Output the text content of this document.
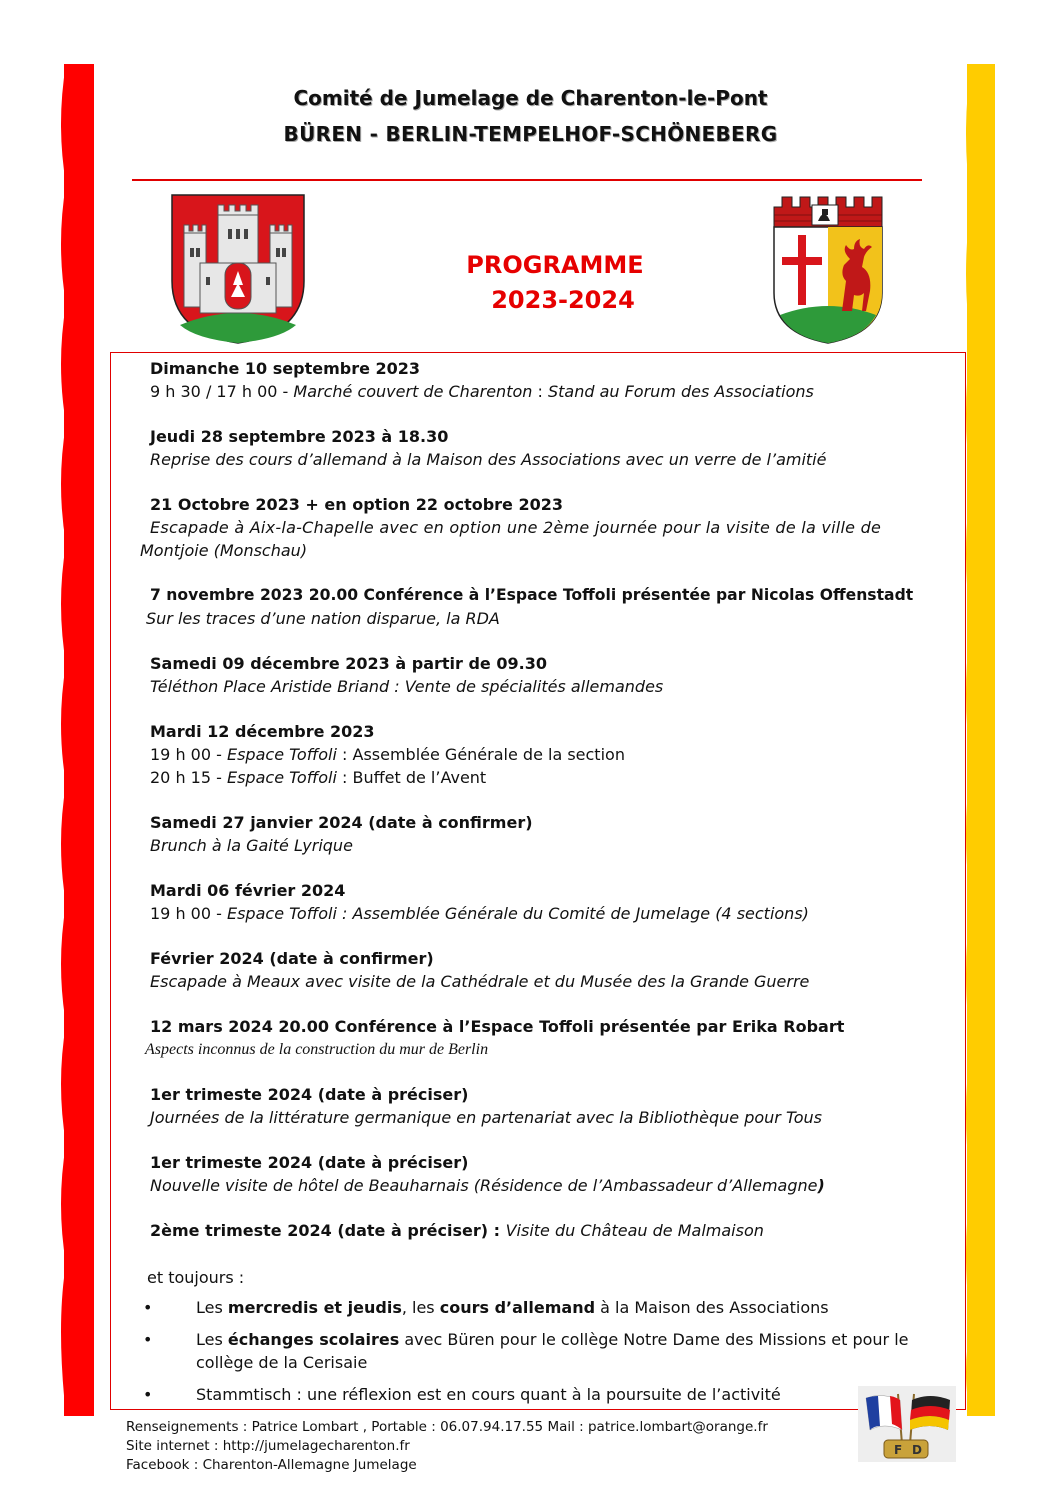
Comité de Jumelage de Charenton-le-Pont
BÜREN - BERLIN-TEMPELHOF-SCHÖNEBERG
PROGRAMME
2023-2024
Dimanche 10 septembre 2023
9 h 30 / 17 h 00 - Marché couvert de Charenton : Stand au Forum des Associations
Jeudi 28 septembre 2023 à 18.30
Reprise des cours d’allemand à la Maison des Associations avec un verre de l’amitié
21 Octobre 2023 + en option 22 octobre 2023
Escapade à Aix-la-Chapelle avec en option une 2ème journée pour la visite de la ville de
Montjoie (Monschau)
7 novembre 2023 20.00 Conférence à l’Espace Toffoli présentée par Nicolas Offenstadt
Sur les traces d’une nation disparue, la RDA
Samedi 09 décembre 2023 à partir de 09.30
Téléthon Place Aristide Briand : Vente de spécialités allemandes
Mardi 12 décembre 2023
19 h 00 - Espace Toffoli : Assemblée Générale de la section
20 h 15 - Espace Toffoli : Buffet de l’Avent
Samedi 27 janvier 2024 (date à confirmer)
Brunch à la Gaité Lyrique
Mardi 06 février 2024
19 h 00 - Espace Toffoli : Assemblée Générale du Comité de Jumelage (4 sections)
Février 2024 (date à confirmer)
Escapade à Meaux avec visite de la Cathédrale et du Musée des la Grande Guerre
12 mars 2024 20.00 Conférence à l’Espace Toffoli présentée par Erika Robart
Aspects inconnus de la construction du mur de Berlin
1er trimeste 2024 (date à préciser)
Journées de la littérature germanique en partenariat avec la Bibliothèque pour Tous
1er trimeste 2024 (date à préciser)
Nouvelle visite de hôtel de Beauharnais (Résidence de l’Ambassadeur d’Allemagne)
2ème trimeste 2024 (date à préciser) : Visite du Château de Malmaison
et toujours :
•	Les mercredis et jeudis, les cours d’allemand à la Maison des Associations
•	Les échanges scolaires avec Büren pour le collège Notre Dame des Missions et pour le collège de la Cerisaie
•	Stammtisch : une réflexion est en cours quant à la poursuite de l’activité
Renseignements : Patrice Lombart , Portable : 06.07.94.17.55 Mail : patrice.lombart@orange.fr
Site internet : http://jumelagecharenton.fr
Facebook : Charenton-Allemagne Jumelage
F D
